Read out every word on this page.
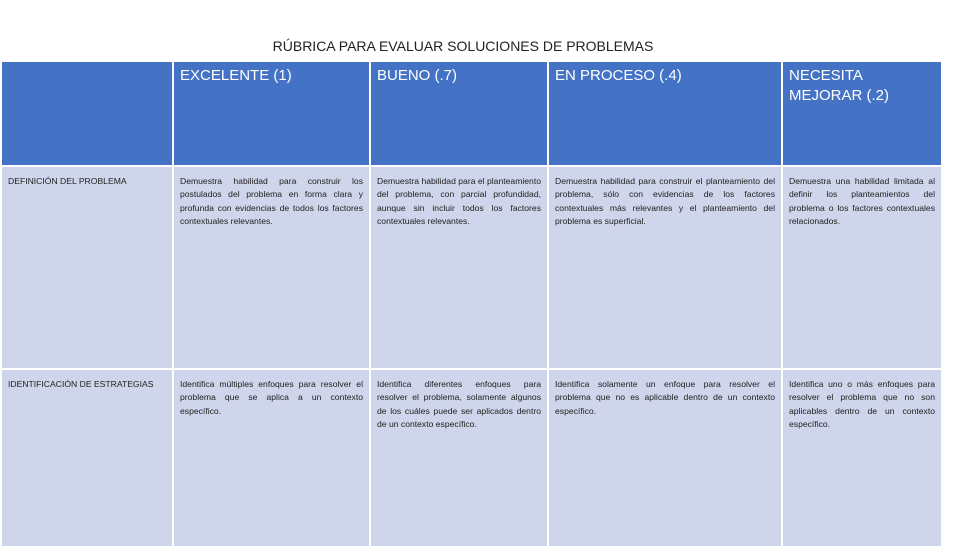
RÚBRICA PARA EVALUAR SOLUCIONES DE PROBLEMAS
	EXCELENTE (1)	BUENO (.7)	EN PROCESO (.4)	NECESITA MEJORAR (.2)
DEFINICIÓN DEL PROBLEMA	Demuestra habilidad para construir los postulados del problema en forma clara y profunda con evidencias de todos los factores contextuales relevantes.	Demuestra habilidad para el planteamiento del problema, con parcial profundidad, aunque sin incluir todos los factores contextuales relevantes.	Demuestra habilidad para construir el planteamiento del problema, sólo con evidencias de los factores contextuales más relevantes y el planteamiento del problema es superficial.	Demuestra una habilidad limitada al definir los planteamientos del problema o los factores contextuales relacionados.
IDENTIFICACIÓN DE ESTRATEGIAS	Identifica múltiples enfoques para resolver el problema que se aplica a un contexto específico.	Identifica diferentes enfoques para resolver el problema, solamente algunos de los cuáles puede ser aplicados dentro de un contexto específico.	Identifica solamente un enfoque para resolver el problema que no es aplicable dentro de un contexto específico.	Identifica uno o más enfoques para resolver el problema que no son aplicables dentro de un contexto específico.
